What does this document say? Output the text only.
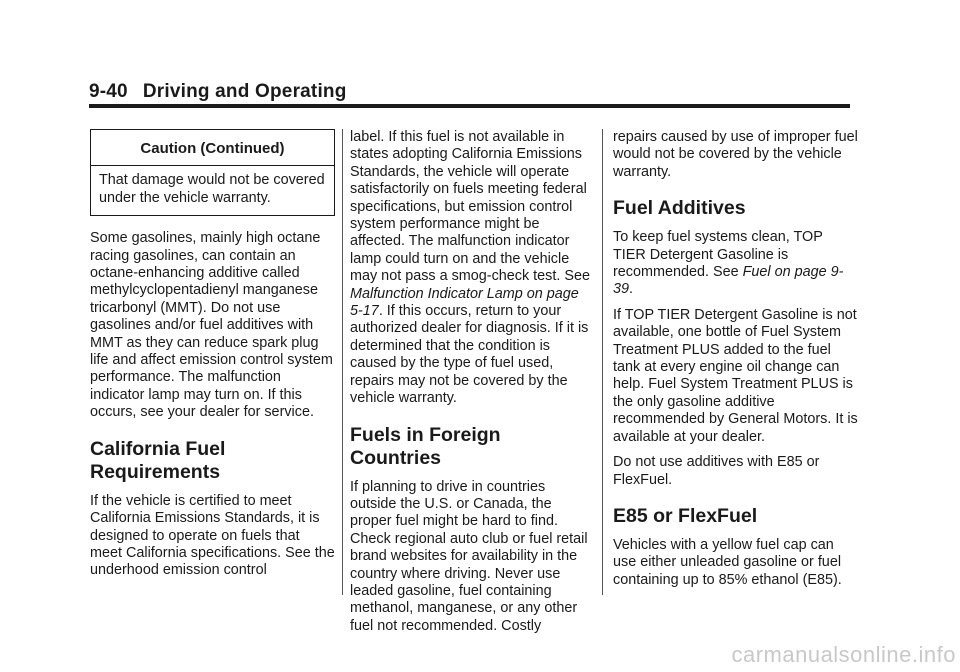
9-40 Driving and Operating
Caution (Continued)
That damage would not be covered under the vehicle warranty.

Some gasolines, mainly high octane racing gasolines, can contain an octane-enhancing additive called methylcyclopentadienyl manganese tricarbonyl (MMT). Do not use gasolines and/or fuel additives with MMT as they can reduce spark plug life and affect emission control system performance. The malfunction indicator lamp may turn on. If this occurs, see your dealer for service.

California Fuel Requirements

If the vehicle is certified to meet California Emissions Standards, it is designed to operate on fuels that meet California specifications. See the underhood emission control

label. If this fuel is not available in states adopting California Emissions Standards, the vehicle will operate satisfactorily on fuels meeting federal specifications, but emission control system performance might be affected. The malfunction indicator lamp could turn on and the vehicle may not pass a smog-check test. See Malfunction Indicator Lamp on page 5-17. If this occurs, return to your authorized dealer for diagnosis. If it is determined that the condition is caused by the type of fuel used, repairs may not be covered by the vehicle warranty.

Fuels in Foreign Countries

If planning to drive in countries outside the U.S. or Canada, the proper fuel might be hard to find. Check regional auto club or fuel retail brand websites for availability in the country where driving. Never use leaded gasoline, fuel containing methanol, manganese, or any other fuel not recommended. Costly

repairs caused by use of improper fuel would not be covered by the vehicle warranty.

Fuel Additives

To keep fuel systems clean, TOP TIER Detergent Gasoline is recommended. See Fuel on page 9-39.

If TOP TIER Detergent Gasoline is not available, one bottle of Fuel System Treatment PLUS added to the fuel tank at every engine oil change can help. Fuel System Treatment PLUS is the only gasoline additive recommended by General Motors. It is available at your dealer.

Do not use additives with E85 or FlexFuel.

E85 or FlexFuel

Vehicles with a yellow fuel cap can use either unleaded gasoline or fuel containing up to 85% ethanol (E85).

carmanualsonline.info
